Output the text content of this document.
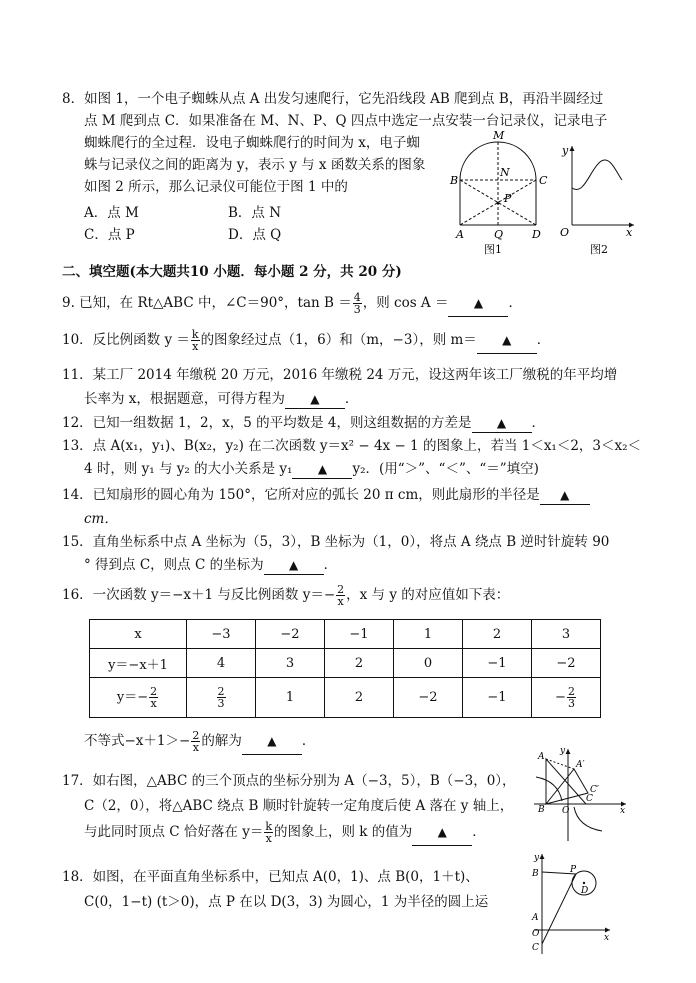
8．如图 1，一个电子蜘蛛从点 A 出发匀速爬行，它先沿线段 AB 爬到点 B，再沿半圆经过
点 M 爬到点 C．如果准备在 M、N、P、Q 四点中选定一点安装一台记录仪，记录电子
蜘蛛爬行的全过程．设电子蜘蛛爬行的时间为 x，电子蜘
蛛与记录仪之间的距离为 y，表示 y 与 x 函数关系的图象
如图 2 所示，那么记录仪可能位于图 1 中的
A．点 M	B．点 N
C．点 P	D．点 Q
M
N
B	C
P
A	Q	D
图1
y
O	x
图2
二、填空题(本大题共10 小题．每小题 2 分，共 20 分)
9. 已知，在 Rt△ABC 中，∠C＝90°，$\tan B = \frac{4}{3}$ ，则 cos A ＝ ▲ ．
10．反比例函数 $y = \frac{k}{x}$ 的图象经过点（1，6）和（m，−3），则 m＝ ▲ ．
11．某工厂 2014 年缴税 20 万元，2016 年缴税 24 万元，设这两年该工厂缴税的年平均增
长率为 x，根据题意，可得方程为 ▲ ．
12．已知一组数据 1，2，x，5 的平均数是 4，则这组数据的方差是 ▲ ．
13．点 A(x₁，y₁)、B(x₂，y₂) 在二次函数 y＝x² − 4x − 1 的图象上，若当 1＜x₁＜2，3＜x₂＜
4 时，则 y₁ 与 y₂ 的大小关系是 y₁ ▲ y₂．(用“＞”、“＜”、“＝”填空)
14．已知扇形的圆心角为 150°，它所对应的弧长 20 π cm，则此扇形的半径是 ▲
cm．
15．直角坐标系中点 A 坐标为（5，3），B 坐标为（1，0），将点 A 绕点 B 逆时针旋转 90
° 得到点 C，则点 C 的坐标为 ▲ ．
16．一次函数 y＝−x＋1 与反比例函数 $y=- \frac{2}{x}$ ，x 与 y 的对应值如下表：
x	−3	−2	−1	1	2	3
y＝−x＋1	4	3	2	0	−1	−2
$y=- \frac{2}{x}$	$\frac{2}{3}$	1	2	−2	−1	− $\frac{2}{3}$
不等式$-x+1>- \frac{2}{x}$ 的解为 ▲ ．
17．如右图，△ABC 的三个顶点的坐标分别为 A（−3，5），B（−3，0），
C（2，0），将△ABC 绕点 B 顺时针旋转一定角度后使 A 落在 y 轴上，
与此同时顶点 C 恰好落在 $y= \frac{k}{x}$ 的图象上，则 k 的值为 ▲ ．
A
A′
y
B O
C
x
C′
18．如图，在平面直角坐标系中，已知点 A(0，1)、点 B(0，1＋t)、
C(0，1−t) (t＞0)，点 P 在以 D(3，3) 为圆心，1 为半径的圆上运
y
B	P
D
A
O
C
x
